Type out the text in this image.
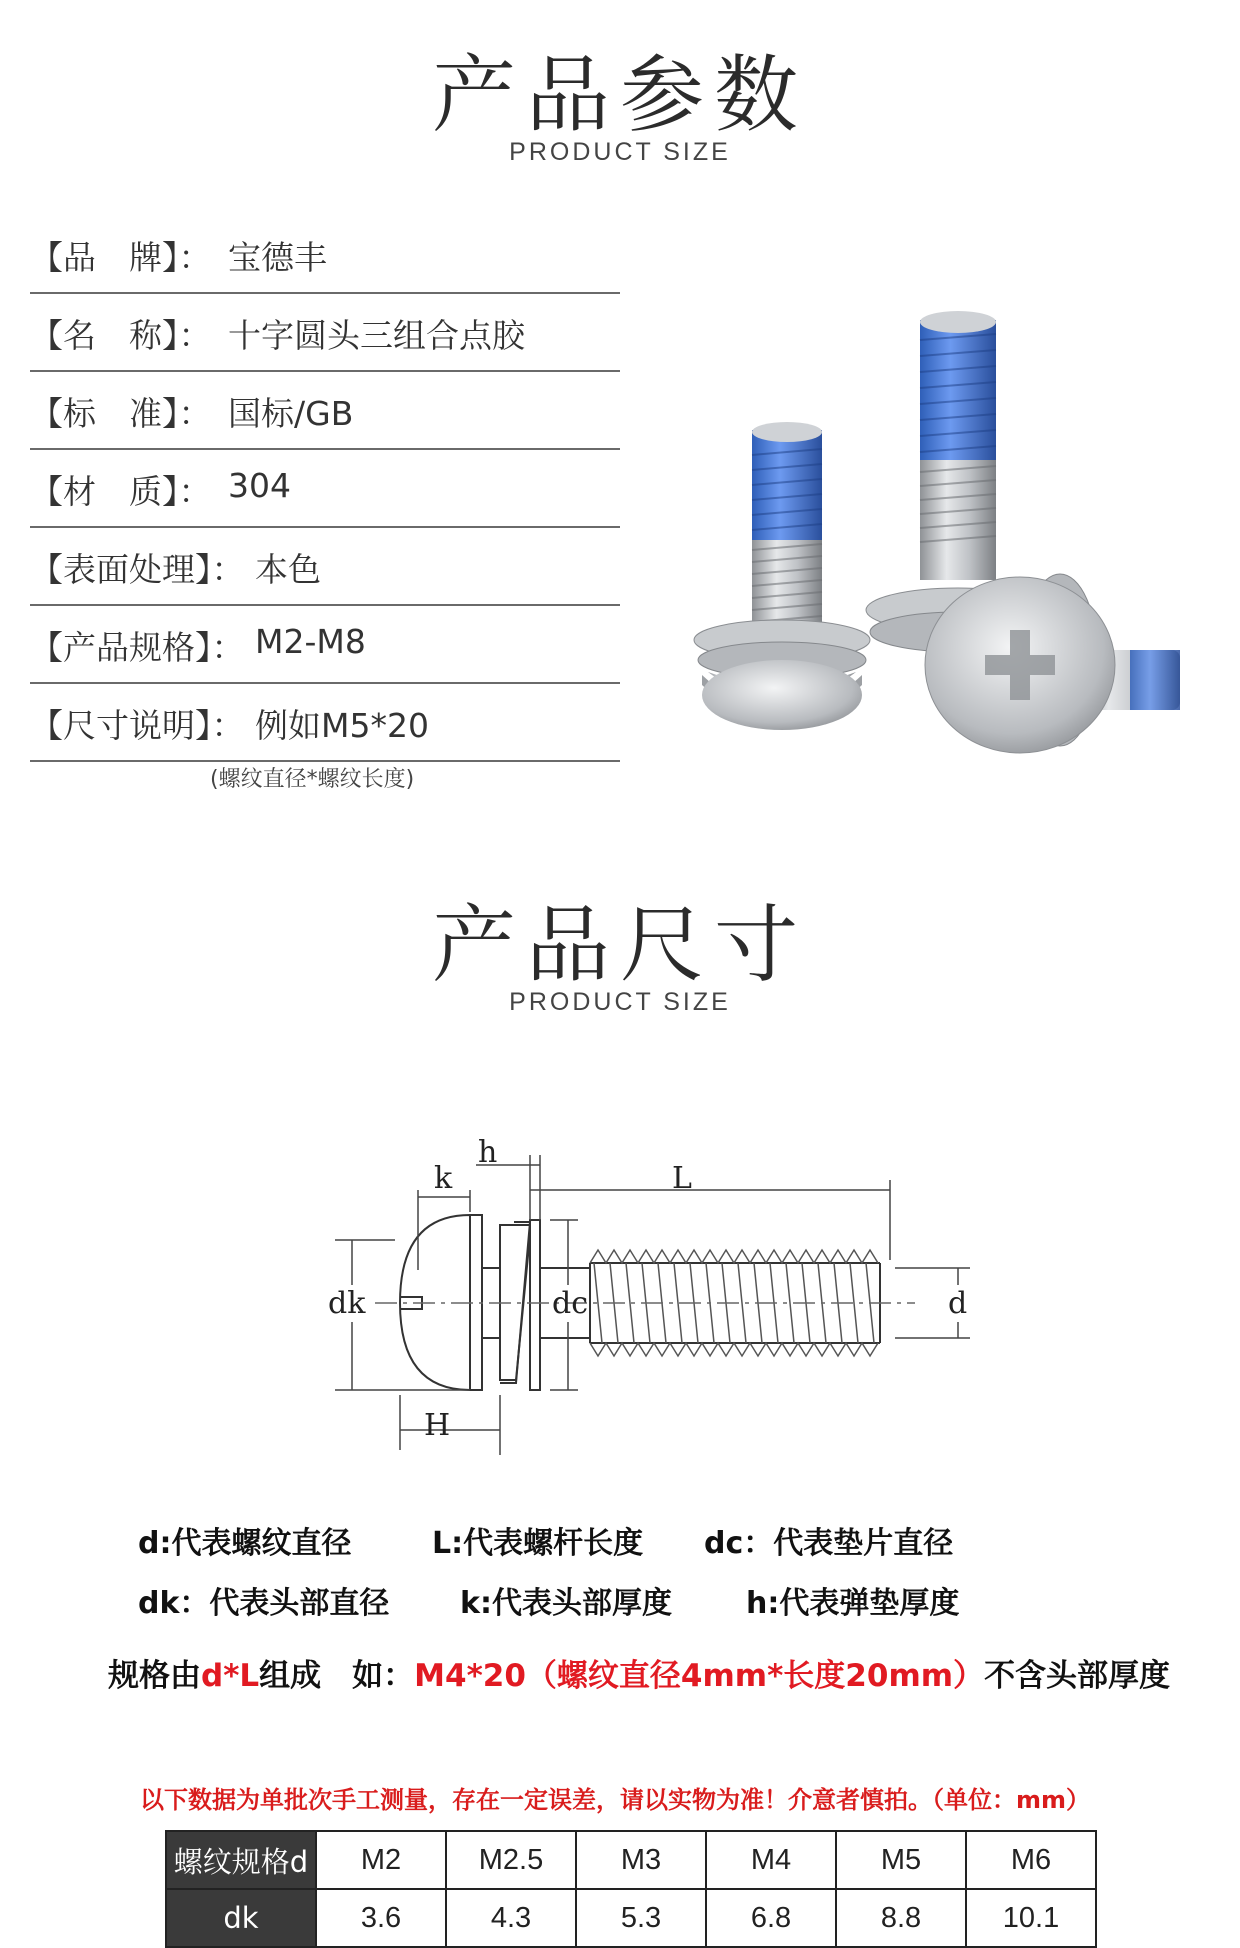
产品参数
PRODUCT SIZE
【品　牌】： 宝德丰
【名　称】： 十字圆头三组合点胶
【标　准】： 国标/GB
【材　质】： 304
【表面处理】： 本色
【产品规格】： M2-M8
【尺寸说明】： 例如M5*20
(螺纹直径*螺纹长度)
产品尺寸
PRODUCT SIZE
k
h
L
dk	dc	d
H
d:代表螺纹直径	L:代表螺杆长度 dc：代表垫片直径
dk：代表头部直径 k:代表头部厚度 h:代表弹垫厚度
规格由d*L组成　如：M4*20（螺纹直径4mm*长度20mm）不含头部厚度
以下数据为单批次手工测量，存在一定误差，请以实物为准！介意者慎拍。（单位：mm）
螺纹规格d	M2	M2.5	M3	M4	M5	M6
dk	3.6	4.3	5.3	6.8	8.8	10.1
